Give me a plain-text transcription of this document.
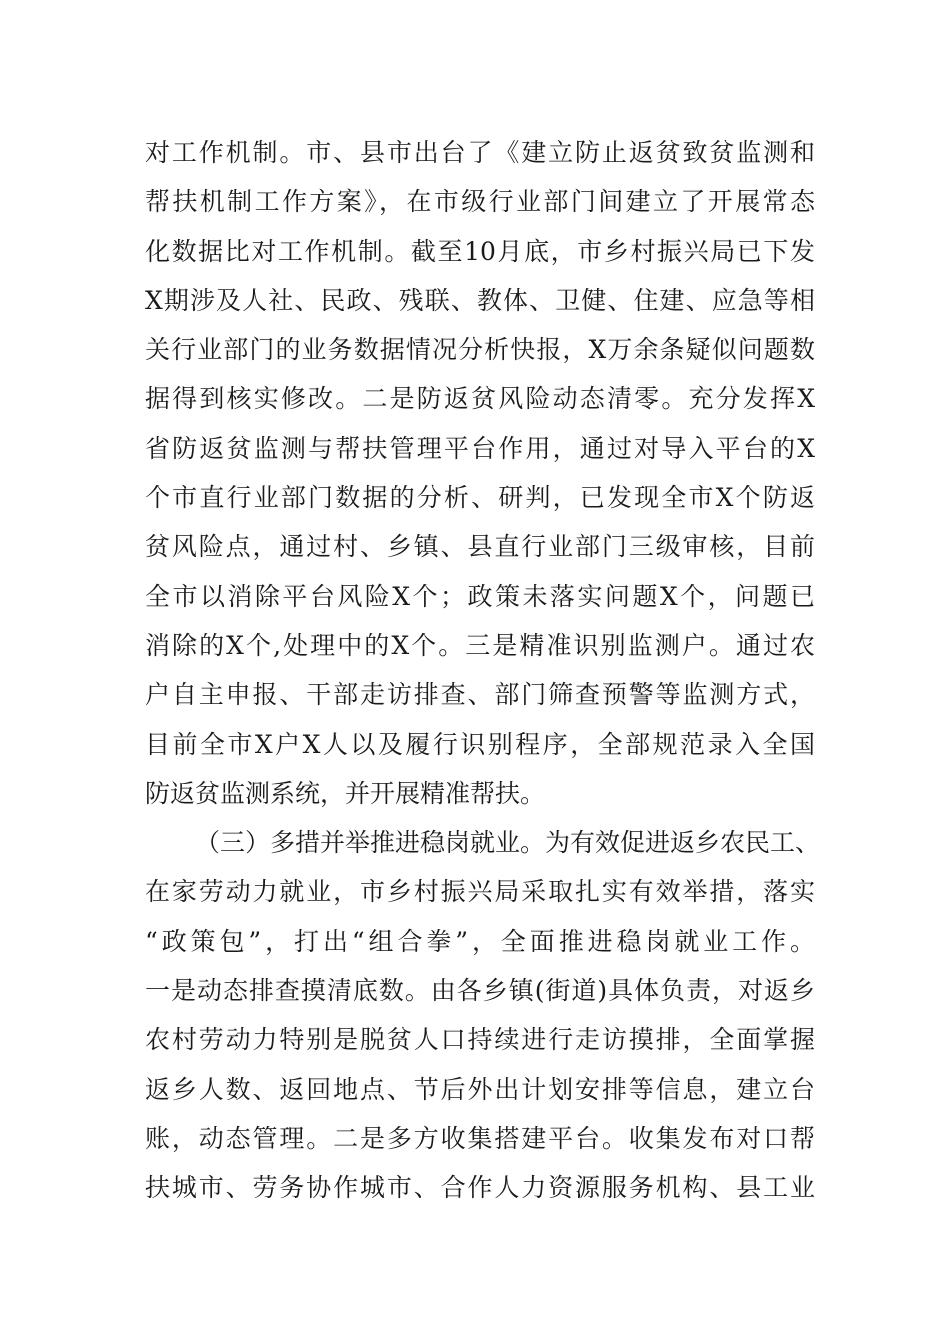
对工作机制。市、县市出台了《建立防止返贫致贫监测和
帮扶机制工作方案》，在市级行业部门间建立了开展常态
化数据比对工作机制。截至10月底，市乡村振兴局已下发
X期涉及人社、民政、残联、教体、卫健、住建、应急等相
关行业部门的业务数据情况分析快报，X万余条疑似问题数
据得到核实修改。二是防返贫风险动态清零。充分发挥X
省防返贫监测与帮扶管理平台作用，通过对导入平台的X
个市直行业部门数据的分析、研判，已发现全市X个防返
贫风险点，通过村、乡镇、县直行业部门三级审核，目前
全市以消除平台风险X个；政策未落实问题X个，问题已
消除的X个,处理中的X个。三是精准识别监测户。通过农
户自主申报、干部走访排查、部门筛查预警等监测方式，
目前全市X户X人以及履行识别程序，全部规范录入全国
防返贫监测系统，并开展精准帮扶。
（三）多措并举推进稳岗就业。为有效促进返乡农民工、
在家劳动力就业，市乡村振兴局采取扎实有效举措，落实
“政策包”，打出“组合拳”，全面推进稳岗就业工作。
一是动态排查摸清底数。由各乡镇(街道)具体负责，对返乡
农村劳动力特别是脱贫人口持续进行走访摸排，全面掌握
返乡人数、返回地点、节后外出计划安排等信息，建立台
账，动态管理。二是多方收集搭建平台。收集发布对口帮
扶城市、劳务协作城市、合作人力资源服务机构、县工业
